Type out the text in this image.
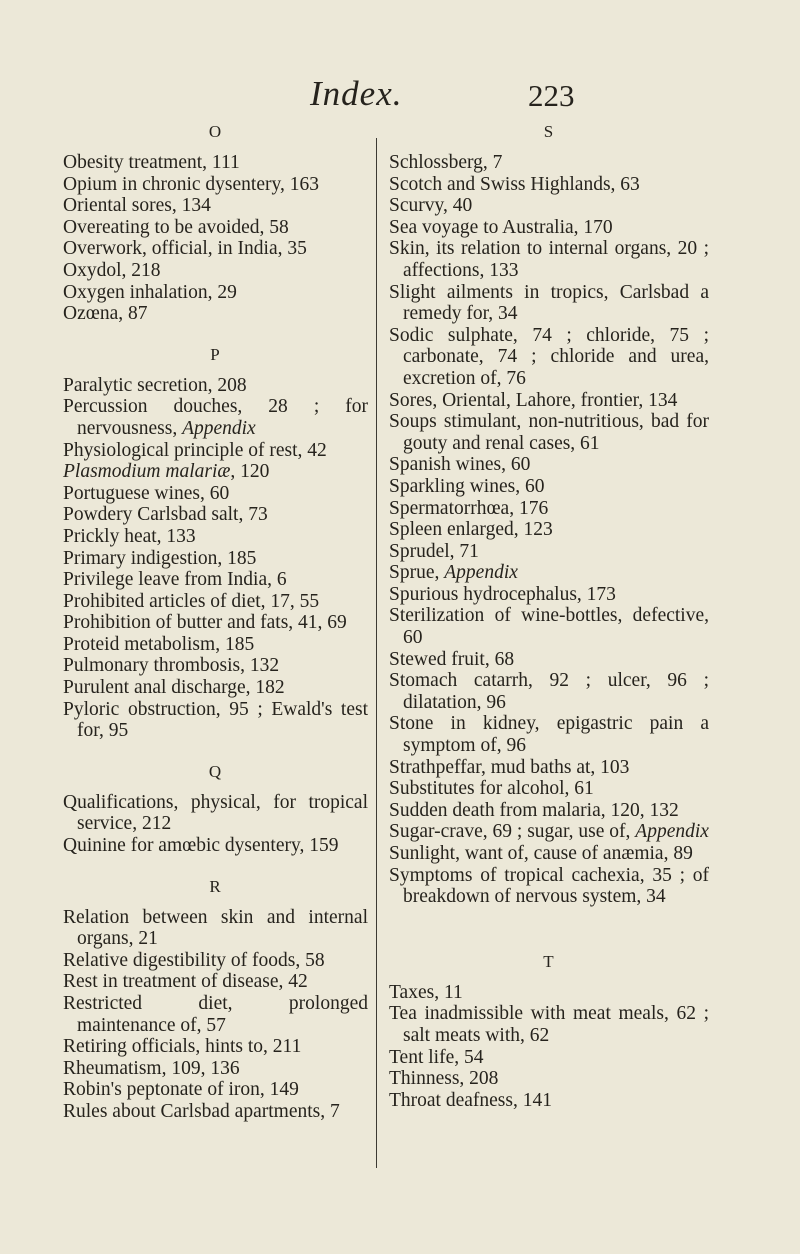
Index.	223
O
Obesity treatment, 111
Opium in chronic dysentery, 163
Oriental sores, 134
Overeating to be avoided, 58
Overwork, official, in India, 35
Oxydol, 218
Oxygen inhalation, 29
Ozœna, 87
P
Paralytic secretion, 208
Percussion douches, 28 ; for nervousness, Appendix
Physiological principle of rest, 42
Plasmodium malariæ, 120
Portuguese wines, 60
Powdery Carlsbad salt, 73
Prickly heat, 133
Primary indigestion, 185
Privilege leave from India, 6
Prohibited articles of diet, 17, 55
Prohibition of butter and fats, 41, 69
Proteid metabolism, 185
Pulmonary thrombosis, 132
Purulent anal discharge, 182
Pyloric obstruction, 95 ; Ewald's test for, 95
Q
Qualifications, physical, for tropical service, 212
Quinine for amœbic dysentery, 159
R
Relation between skin and internal organs, 21
Relative digestibility of foods, 58
Rest in treatment of disease, 42
Restricted diet, prolonged maintenance of, 57
Retiring officials, hints to, 211
Rheumatism, 109, 136
Robin's peptonate of iron, 149
Rules about Carlsbad apartments, 7
S
Schlossberg, 7
Scotch and Swiss Highlands, 63
Scurvy, 40
Sea voyage to Australia, 170
Skin, its relation to internal organs, 20 ; affections, 133
Slight ailments in tropics, Carlsbad a remedy for, 34
Sodic sulphate, 74 ; chloride, 75 ; carbonate, 74 ; chloride and urea, excretion of, 76
Sores, Oriental, Lahore, frontier, 134
Soups stimulant, non-nutritious, bad for gouty and renal cases, 61
Spanish wines, 60
Sparkling wines, 60
Spermatorrhœa, 176
Spleen enlarged, 123
Sprudel, 71
Sprue, Appendix
Spurious hydrocephalus, 173
Sterilization of wine-bottles, defective, 60
Stewed fruit, 68
Stomach catarrh, 92 ; ulcer, 96 ; dilatation, 96
Stone in kidney, epigastric pain a symptom of, 96
Strathpeffar, mud baths at, 103
Substitutes for alcohol, 61
Sudden death from malaria, 120, 132
Sugar-crave, 69 ; sugar, use of, Appendix
Sunlight, want of, cause of anæmia, 89
Symptoms of tropical cachexia, 35 ; of breakdown of nervous system, 34
T
Taxes, 11
Tea inadmissible with meat meals, 62 ; salt meats with, 62
Tent life, 54
Thinness, 208
Throat deafness, 141
